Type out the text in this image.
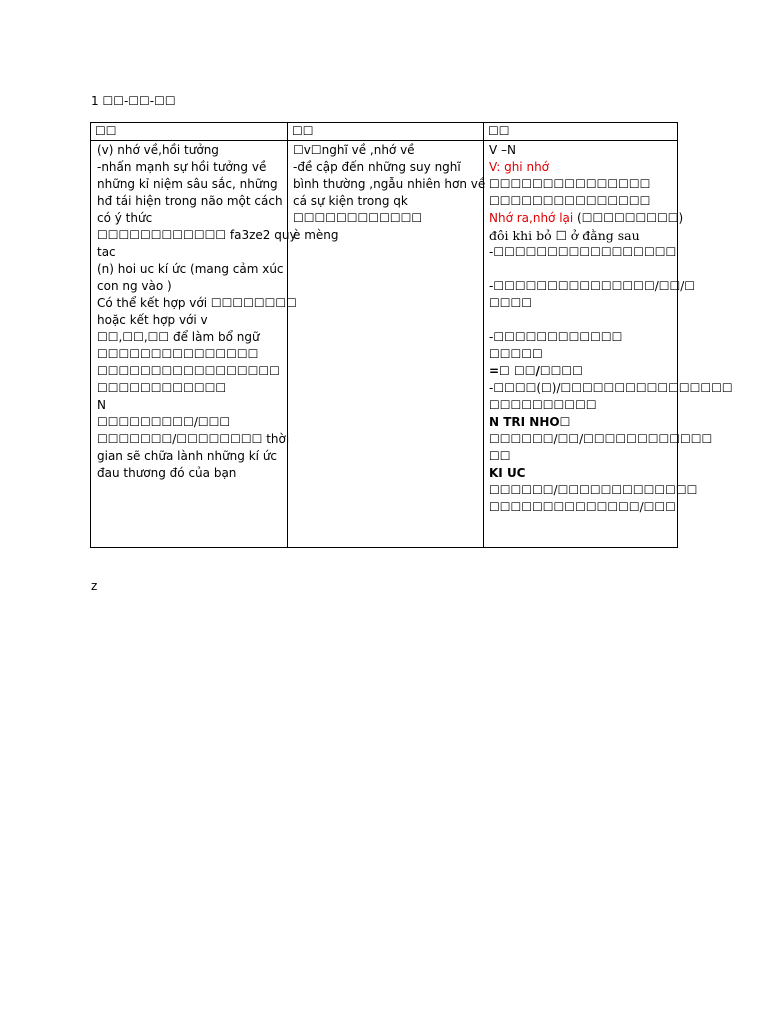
1 ☐☐-☐☐-☐☐
☐☐	☐☐	☐☐
(v) nhớ về,hồi tưởng
-nhấn mạnh sự hồi tưởng về
những kỉ niệm sâu sắc, những
hđ tái hiện trong não một cách
có ý thức
☐☐☐☐☐☐☐☐☐☐☐☐ fa3ze2 quy
tac
(n) hoi uc kí ức (mang cảm xúc
con ng vào )
Có thể kết hợp với ☐☐☐☐☐☐☐☐
hoặc kết hợp với v
☐☐,☐☐,☐☐ để làm bổ ngữ
☐☐☐☐☐☐☐☐☐☐☐☐☐☐☐
☐☐☐☐☐☐☐☐☐☐☐☐☐☐☐☐☐
☐☐☐☐☐☐☐☐☐☐☐☐
N
☐☐☐☐☐☐☐☐☐/☐☐☐
☐☐☐☐☐☐☐/☐☐☐☐☐☐☐☐ thời
gian sẽ chữa lành những kí ức
đau thương đó của bạn
☐v☐nghĩ về ,nhớ về
-đề cập đến những suy nghĩ
bình thường ,ngẫu nhiên hơn về
cá sự kiện trong qk
☐☐☐☐☐☐☐☐☐☐☐☐
è mèng
V –N
V: ghi nhớ
☐☐☐☐☐☐☐☐☐☐☐☐☐☐☐
☐☐☐☐☐☐☐☐☐☐☐☐☐☐☐
Nhớ ra,nhớ lại (☐☐☐☐☐☐☐☐☐)
đôi khi bỏ ☐ ở đằng sau
-☐☐☐☐☐☐☐☐☐☐☐☐☐☐☐☐☐
-☐☐☐☐☐☐☐☐☐☐☐☐☐☐☐/☐☐/☐
☐☐☐☐
-☐☐☐☐☐☐☐☐☐☐☐☐
☐☐☐☐☐
=☐ ☐☐/☐☐☐☐
-☐☐☐☐(☐)/☐☐☐☐☐☐☐☐☐☐☐☐☐☐☐☐
☐☐☐☐☐☐☐☐☐☐
N TRI NHO☐
☐☐☐☐☐☐/☐☐/☐☐☐☐☐☐☐☐☐☐☐☐
☐☐
KI UC
☐☐☐☐☐☐/☐☐☐☐☐☐☐☐☐☐☐☐☐
☐☐☐☐☐☐☐☐☐☐☐☐☐☐/☐☐☐
z
